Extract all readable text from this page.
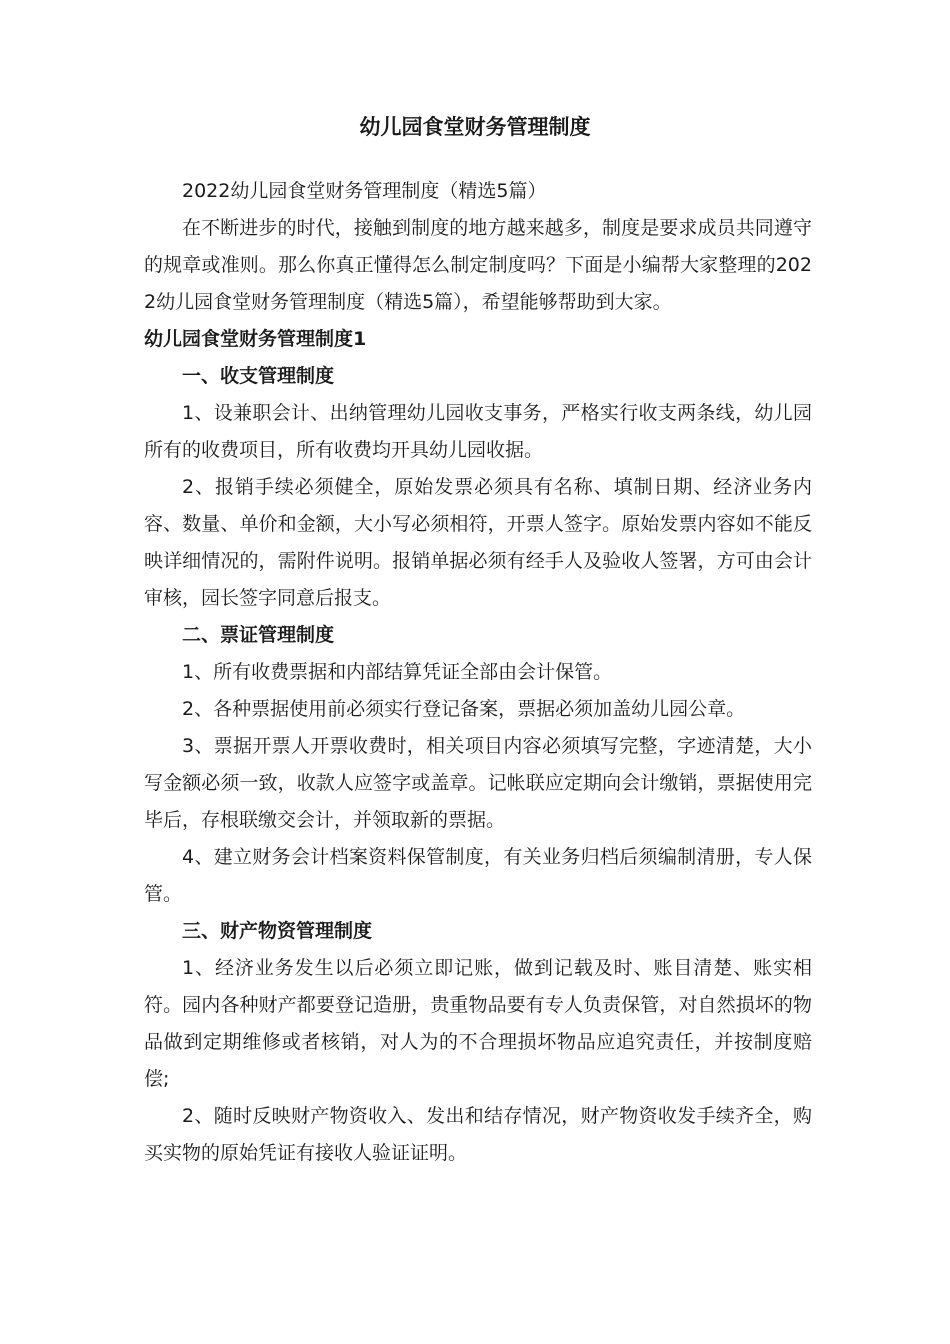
幼儿园食堂财务管理制度

2022幼儿园食堂财务管理制度（精选5篇）

在不断进步的时代，接触到制度的地方越来越多，制度是要求成员共同遵守的规章或准则。那么你真正懂得怎么制定制度吗？下面是小编帮大家整理的2022幼儿园食堂财务管理制度（精选5篇），希望能够帮助到大家。

幼儿园食堂财务管理制度1

一、收支管理制度

1、设兼职会计、出纳管理幼儿园收支事务，严格实行收支两条线，幼儿园所有的收费项目，所有收费均开具幼儿园收据。

2、报销手续必须健全，原始发票必须具有名称、填制日期、经济业务内容、数量、单价和金额，大小写必须相符，开票人签字。原始发票内容如不能反映详细情况的，需附件说明。报销单据必须有经手人及验收人签署，方可由会计审核，园长签字同意后报支。

二、票证管理制度

1、所有收费票据和内部结算凭证全部由会计保管。

2、各种票据使用前必须实行登记备案，票据必须加盖幼儿园公章。

3、票据开票人开票收费时，相关项目内容必须填写完整，字迹清楚，大小写金额必须一致，收款人应签字或盖章。记帐联应定期向会计缴销，票据使用完毕后，存根联缴交会计，并领取新的票据。

4、建立财务会计档案资料保管制度，有关业务归档后须编制清册，专人保管。

三、财产物资管理制度

1、经济业务发生以后必须立即记账，做到记载及时、账目清楚、账实相符。园内各种财产都要登记造册，贵重物品要有专人负责保管，对自然损坏的物品做到定期维修或者核销，对人为的不合理损坏物品应追究责任，并按制度赔偿;

2、随时反映财产物资收入、发出和结存情况，财产物资收发手续齐全，购买实物的原始凭证有接收人验证证明。
